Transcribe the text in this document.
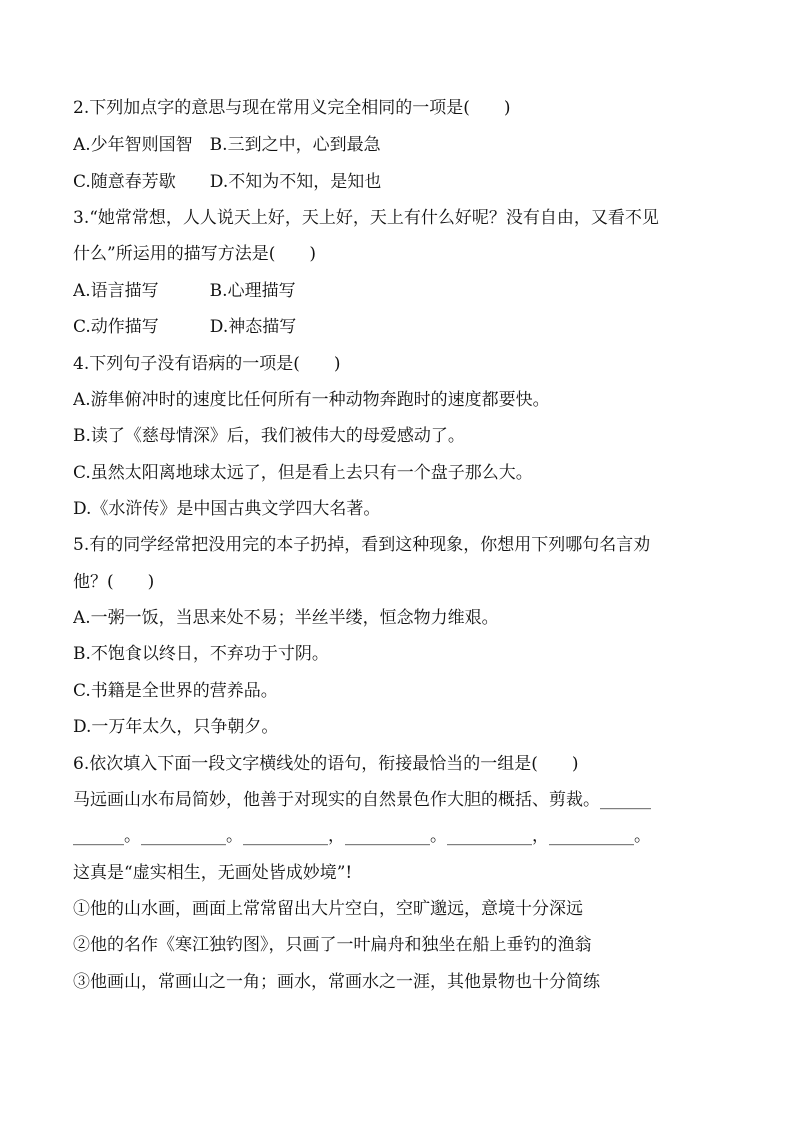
2.下列加点字的意思与现在常用义完全相同的一项是(　　)
A.少年智则国智　B.三到之中，心到最急
C.随意春芳歇　　D.不知为不知，是知也
3.“她常常想，人人说天上好，天上好，天上有什么好呢？没有自由，又看不见
什么”所运用的描写方法是(　　)
A.语言描写　　　B.心理描写
C.动作描写　　　D.神态描写
4.下列句子没有语病的一项是(　　)
A.游隼俯冲时的速度比任何所有一种动物奔跑时的速度都要快。
B.读了《慈母情深》后，我们被伟大的母爱感动了。
C.虽然太阳离地球太远了，但是看上去只有一个盘子那么大。
D.《水浒传》是中国古典文学四大名著。
5.有的同学经常把没用完的本子扔掉，看到这种现象，你想用下列哪句名言劝
他？(　　)
A.一粥一饭，当思来处不易；半丝半缕，恒念物力维艰。
B.不饱食以终日，不弃功于寸阴。
C.书籍是全世界的营养品。
D.一万年太久，只争朝夕。
6.依次填入下面一段文字横线处的语句，衔接最恰当的一组是(　　)
马远画山水布局简妙，他善于对现实的自然景色作大胆的概括、剪裁。______
______。__________。__________，__________。__________，__________。
这真是“虚实相生，无画处皆成妙境”!
①他的山水画，画面上常常留出大片空白，空旷邈远，意境十分深远
②他的名作《寒江独钓图》，只画了一叶扁舟和独坐在船上垂钓的渔翁
③他画山，常画山之一角；画水，常画水之一涯，其他景物也十分简练
